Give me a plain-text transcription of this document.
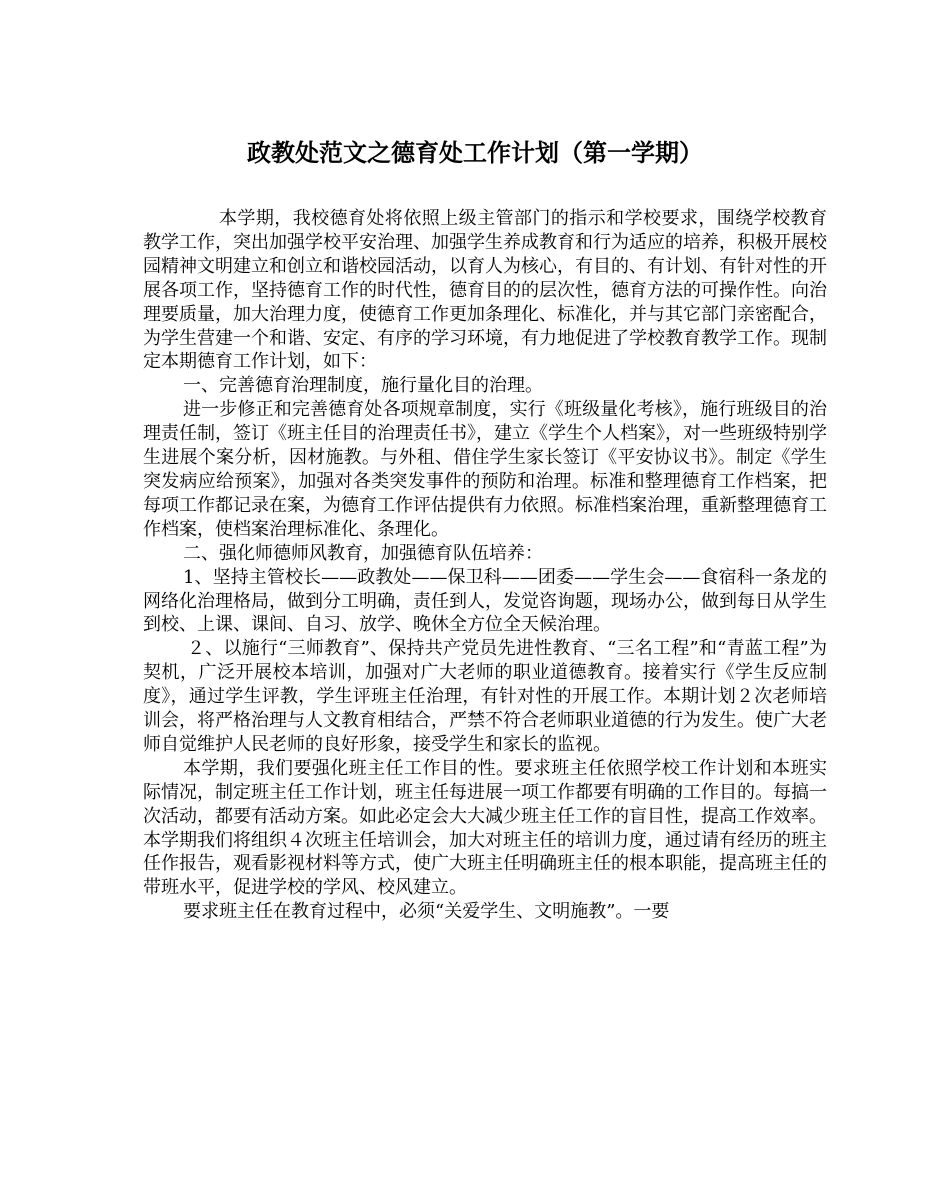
政教处范文之德育处工作计划（第一学期）

本学期，我校德育处将依照上级主管部门的指示和学校要求，围绕学校教育教学工作，突出加强学校平安治理、加强学生养成教育和行为适应的培养，积极开展校园精神文明建立和创立和谐校园活动，以育人为核心，有目的、有计划、有针对性的开展各项工作，坚持德育工作的时代性，德育目的的层次性，德育方法的可操作性。向治理要质量，加大治理力度，使德育工作更加条理化、标准化，并与其它部门亲密配合，为学生营建一个和谐、安定、有序的学习环境，有力地促进了学校教育教学工作。现制定本期德育工作计划，如下：

一、完善德育治理制度，施行量化目的治理。

进一步修正和完善德育处各项规章制度，实行《班级量化考核》，施行班级目的治理责任制，签订《班主任目的治理责任书》，建立《学生个人档案》，对一些班级特别学生进展个案分析，因材施教。与外租、借住学生家长签订《平安协议书》。制定《学生突发病应给预案》，加强对各类突发事件的预防和治理。标准和整理德育工作档案，把每项工作都记录在案，为德育工作评估提供有力依照。标准档案治理，重新整理德育工作档案，使档案治理标准化、条理化。

二、强化师德师风教育，加强德育队伍培养：

1、坚持主管校长——政教处——保卫科——团委——学生会——食宿科一条龙的网络化治理格局，做到分工明确，责任到人，发觉咨询题，现场办公，做到每日从学生到校、上课、课间、自习、放学、晚休全方位全天候治理。

２、以施行“三师教育”、保持共产党员先进性教育、“三名工程”和“青蓝工程”为契机，广泛开展校本培训，加强对广大老师的职业道德教育。接着实行《学生反应制度》，通过学生评教，学生评班主任治理，有针对性的开展工作。本期计划２次老师培训会，将严格治理与人文教育相结合，严禁不符合老师职业道德的行为发生。使广大老师自觉维护人民老师的良好形象，接受学生和家长的监视。

本学期，我们要强化班主任工作目的性。要求班主任依照学校工作计划和本班实际情况，制定班主任工作计划，班主任每进展一项工作都要有明确的工作目的。每搞一次活动，都要有活动方案。如此必定会大大减少班主任工作的盲目性，提高工作效率。本学期我们将组织４次班主任培训会，加大对班主任的培训力度，通过请有经历的班主任作报告，观看影视材料等方式，使广大班主任明确班主任的根本职能，提高班主任的带班水平，促进学校的学风、校风建立。

要求班主任在教育过程中，必须“关爱学生、文明施教”。一要
